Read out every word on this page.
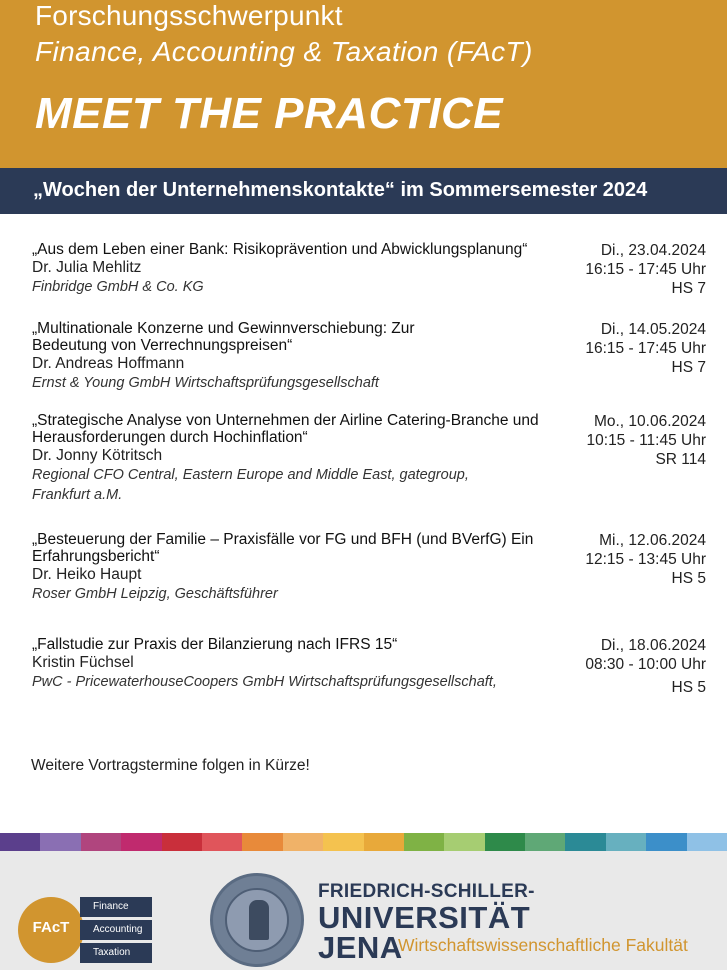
Forschungsschwerpunkt
Finance, Accounting & Taxation (FAcT)
MEET THE PRACTICE
„Wochen der Unternehmenskontakte“ im Sommersemester 2024
„Aus dem Leben einer Bank: Risikoprävention und Abwicklungsplanung“
Dr. Julia Mehlitz
Finbridge GmbH & Co. KG
Di., 23.04.2024
16:15 - 17:45 Uhr
HS 7
„Multinationale Konzerne und Gewinnverschiebung: Zur Bedeutung von Verrechnungspreisen“
Dr. Andreas Hoffmann
Ernst & Young GmbH Wirtschaftsprüfungsgesellschaft
Di., 14.05.2024
16:15 - 17:45 Uhr
HS 7
„Strategische Analyse von Unternehmen der Airline Catering-Branche und Herausforderungen durch Hochinflation“
Dr. Jonny Kötritsch
Regional CFO Central, Eastern Europe and Middle East, gategroup, Frankfurt a.M.
Mo., 10.06.2024
10:15 - 11:45 Uhr
SR 114
„Besteuerung der Familie – Praxisfälle vor FG und BFH (und BVerfG) Ein Erfahrungsbericht“
Dr. Heiko Haupt
Roser GmbH Leipzig, Geschäftsführer
Mi., 12.06.2024
12:15 - 13:45 Uhr
HS 5
„Fallstudie zur Praxis der Bilanzierung nach IFRS 15“
Kristin Füchsel
PwC - PricewaterhouseCoopers GmbH Wirtschaftsprüfungsgesellschaft,
Di., 18.06.2024
08:30 - 10:00 Uhr
HS 5
Weitere Vortragstermine folgen in Kürze!
FAcT
Finance
Accounting
Taxation
FRIEDRICH-SCHILLER-
UNIVERSITÄT
JENA
Wirtschaftswissenschaftliche Fakultät
